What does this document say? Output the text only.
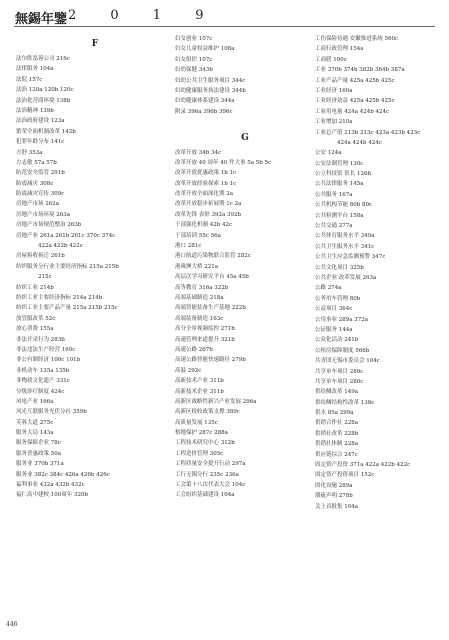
無錫年鑒 2 0 1 9
F
法尔胜泓蓉公司 216c
法律服务 104a
法院 157c
法治 120a 120b 120c
法治化营商环境 138b
法治精神 139b
法治政府建设 123a
繁荣全面机制改革 142b
犯罪年龄分布 141c
方舒 353a
方志敏 57a 57b
防范安全监管 291b
防震减灾 308c
防震减灾宣传 309c
房地产市场 262a
房地产市场环境 263a
房地产市场规范整治 263b
房地产业 261a 261b 261c 370c 374c
422a 422b 422c
房屋拆收拆迁 261b
纺织服务分行业主要经济指标 215a 215b
215c
纺织工业 214b
纺织工业主要经济指标 214a 214b
纺织工业主要产品产量 215a 215b 215c
放管服改革 52c
放心消费 155a
非法开采行为 283b
非法违法生产经营 160c
非公有制经济 100c 101b
非机动车 135a 135b
非物质文化遗产 331c
分级诊疗制度 424c
风电产业 166a
风光互联服务光伏分社 359b
芙蓉大道 275c
服务大局 143a
服务保障企业 78c
服务普惠政策 50a
服务业 370b 371a
服务业 382c 384c 426a 426b 426c
福利事业 432a 432b 432c
福仁高中建校 100周年 320b
妇女创业 107c
妇女儿童权益维护 108a
妇女组织 107c
妇幼保健 343b
妇幼公共卫生服务项目 344c
妇幼健康服务执法建设 344b
妇幼健康体系建设 344a
附录 396a 396b 396c
G
改革开放 34b 34c
改革开放 40 周年 40 件大事 5a 5b 5c
改革开放优惠政策 1b 1c
改革开放经验探索 1b 1c
改革开放全面深化期 2a
改革开放稳步拓展期 1c 2a
改革先锋 表彰 392a 392b
干部强化机制 42b 42c
干部培训 55c 56a
港口 281c
港口航道污染物联合监管 282c
港珠澳大桥 221a
高层次学习研究平台 45a 45b
高等教育 316a 322b
高端基础制造 218a
高端智能装备生产基地 222b
高端装备制造 163c
高分全景视频监控 271b
高速管理来道提升 321b
高速公路 267b
高速公路智能快速路径 279b
高温 292c
高新技术产业 311b
高新技术企业 311b
高新区战略性新兴产业发展 296a
高新区税收政策支撑 389c
高质量发展 135c
格地保护 287c 288a
工程技术研究中心 312b
工程造价管理 305c
工程质量安全提升行动 297a
工行无锡分行 235c 236a
工会第十八次代表大会 104c
工会组织基础建设 104a
工伤保险待遇 安徽推进系统 560c
工商行政管理 154a
工商联 100c
工业 370b 374b 382b 384b 387a
工业产品产量 425a 425b 425c
工业经济 160a
工业经济效益 425a 425b 425c
工业用电量 424a 424b 424c
工业增加 210a
工业总产值 213b 213c 423a 423b 423c
424a 424b 424c
公安 124a
公安法制管理 130c
公立科技馆 馆长 126b
公共法律服务 145a
公共服务 167a
公共机构节能 80b 80c
公共检测平台 158a
公共交通 277a
公共体育服务水平 349a
公共卫生服务水平 341c
公共卫生应急监测预警 347c
公共文化项目 325b
公共企业 改革发展 263a
公路 274a
公务用车管理 80b
公益项目 364c
公用事业 289a 372a
公证服务 144a
公众化活动 241b
公租房保障制度 566b
共青团无锡市委员会 104c
共享单车项目 280c
共享单车项目 280c
供给侧改革 149a
供给侧结构性改革 138c
供水 85a 299a
供销合作社 228a
供销社改革 228b
供销社体制 228a
供应链综合 247c
固定资产投资 371a 422a 422b 422c
固定资产投资项目 152c
固化设施 289a
瑕疵声明 278b
关上首批集 104a
446
